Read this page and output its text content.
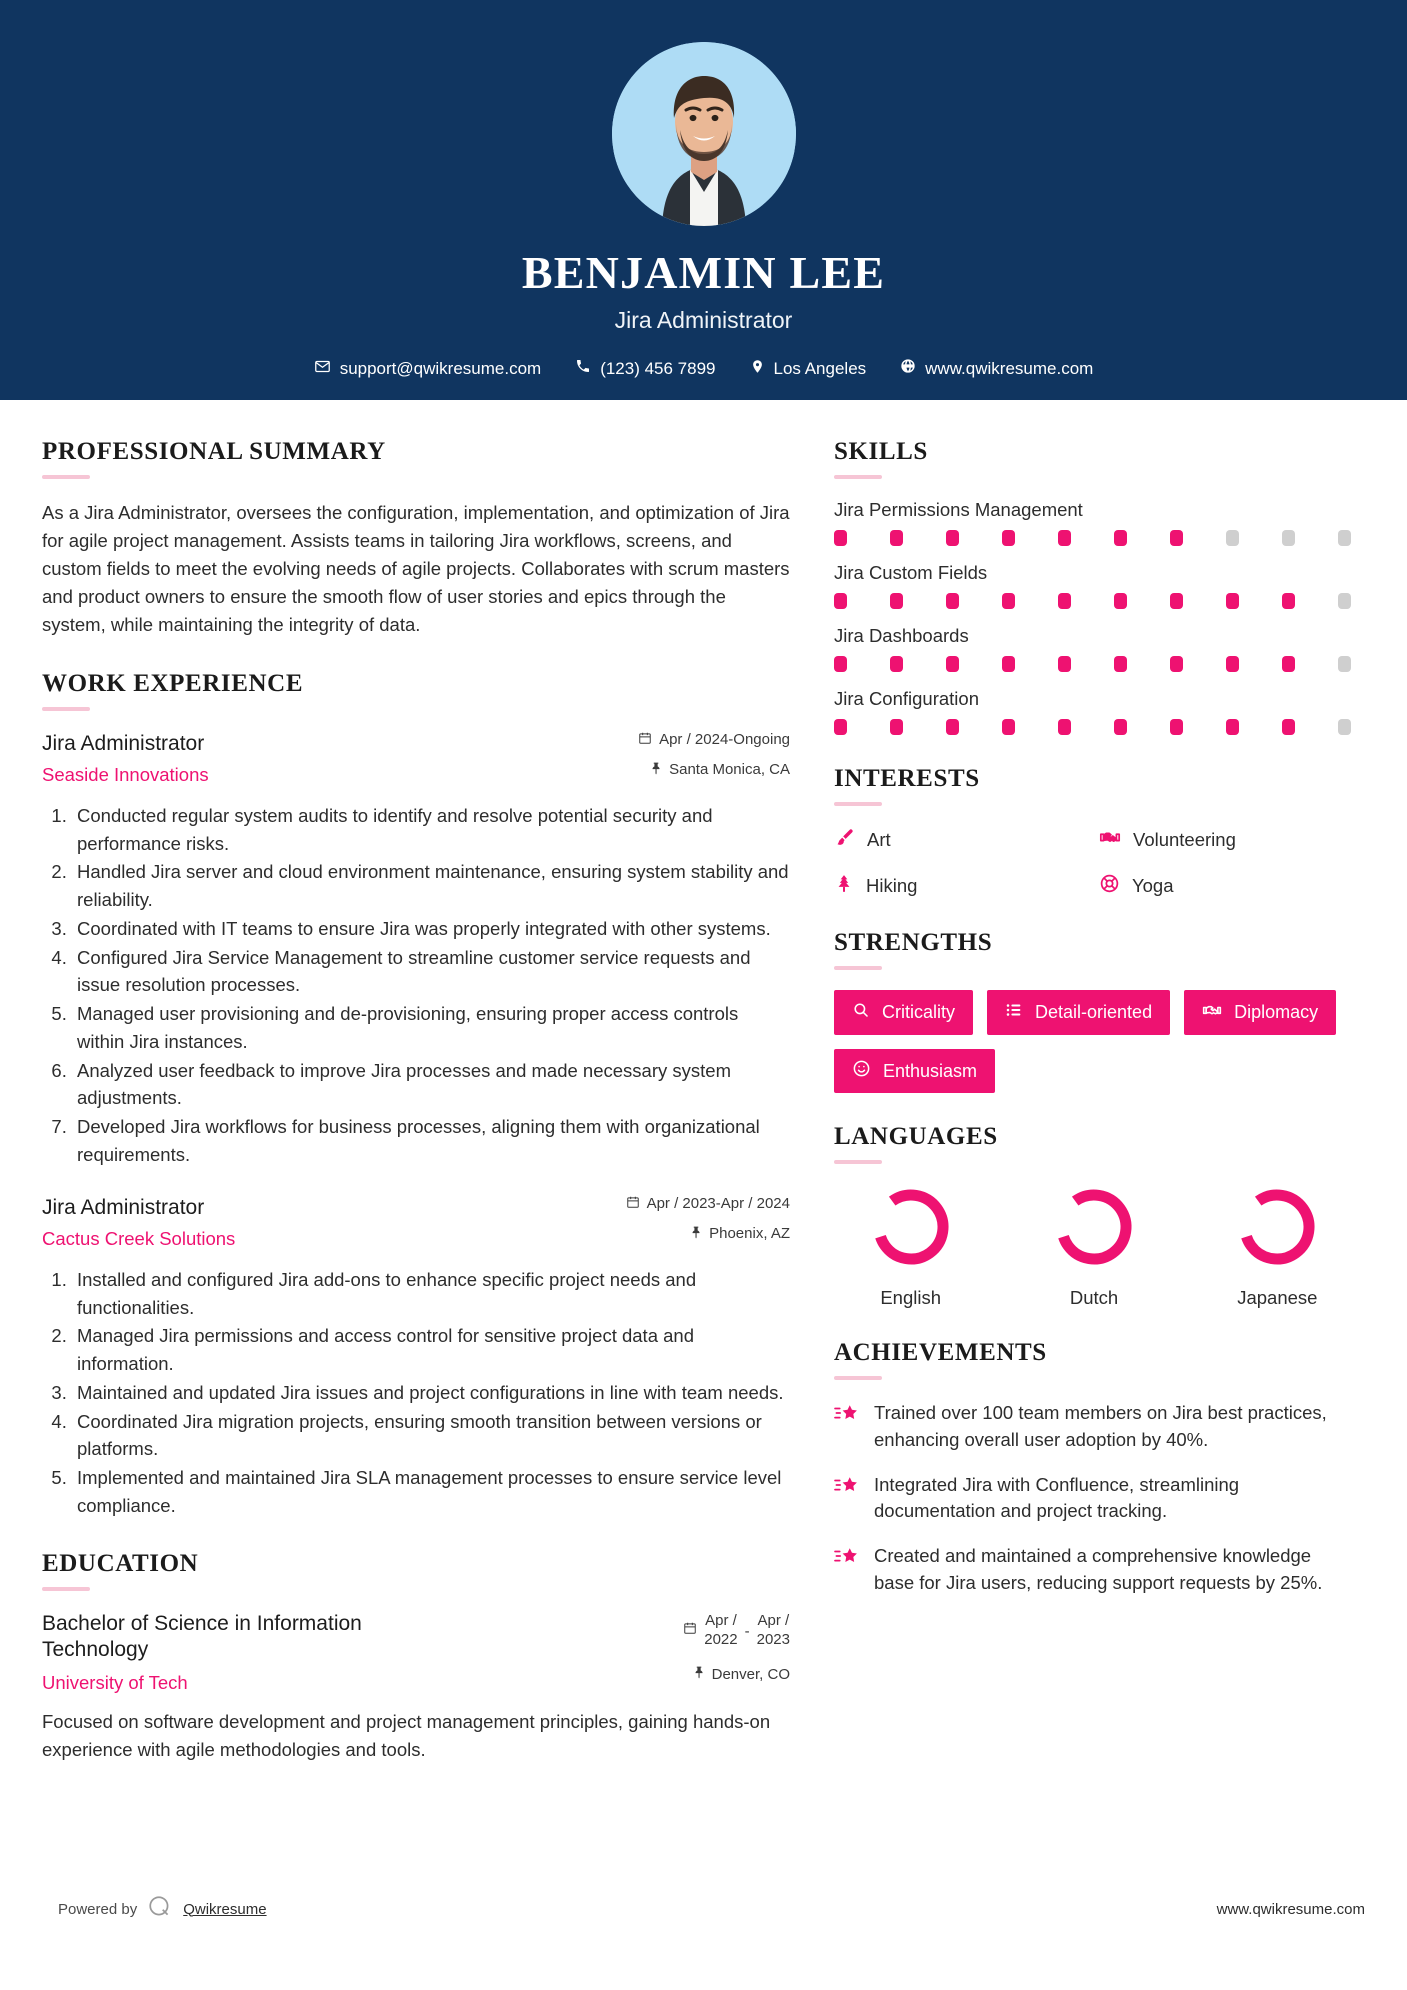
BENJAMIN LEE
Jira Administrator
support@qwikresume.com	(123) 456 7899	Los Angeles	www.qwikresume.com
PROFESSIONAL SUMMARY
As a Jira Administrator, oversees the configuration, implementation, and optimization of Jira for agile project management. Assists teams in tailoring Jira workflows, screens, and custom fields to meet the evolving needs of agile projects. Collaborates with scrum masters and product owners to ensure the smooth flow of user stories and epics through the system, while maintaining the integrity of data.
WORK EXPERIENCE
Jira Administrator
Seaside Innovations
Apr / 2024-Ongoing
Santa Monica, CA
1. Conducted regular system audits to identify and resolve potential security and performance risks.
2. Handled Jira server and cloud environment maintenance, ensuring system stability and reliability.
3. Coordinated with IT teams to ensure Jira was properly integrated with other systems.
4. Configured Jira Service Management to streamline customer service requests and issue resolution processes.
5. Managed user provisioning and de-provisioning, ensuring proper access controls within Jira instances.
6. Analyzed user feedback to improve Jira processes and made necessary system adjustments.
7. Developed Jira workflows for business processes, aligning them with organizational requirements.
Jira Administrator
Cactus Creek Solutions
Apr / 2023-Apr / 2024
Phoenix, AZ
1. Installed and configured Jira add-ons to enhance specific project needs and functionalities.
2. Managed Jira permissions and access control for sensitive project data and information.
3. Maintained and updated Jira issues and project configurations in line with team needs.
4. Coordinated Jira migration projects, ensuring smooth transition between versions or platforms.
5. Implemented and maintained Jira SLA management processes to ensure service level compliance.
EDUCATION
Bachelor of Science in Information Technology
Apr /
2022 -
Apr /
2023
University of Tech	Denver, CO
Focused on software development and project management principles, gaining hands-on experience with agile methodologies and tools.
SKILLS
Jira Permissions Management
Jira Custom Fields
Jira Dashboards
Jira Configuration
INTERESTS
Art	Volunteering
Hiking	Yoga
STRENGTHS
Criticality	Detail-oriented	Diplomacy
Enthusiasm
LANGUAGES
English	Dutch	Japanese
ACHIEVEMENTS
Trained over 100 team members on Jira best practices, enhancing overall user adoption by 40%.
Integrated Jira with Confluence, streamlining documentation and project tracking.
Created and maintained a comprehensive knowledge base for Jira users, reducing support requests by 25%.
Powered by	Qwikresume	www.qwikresume.com
